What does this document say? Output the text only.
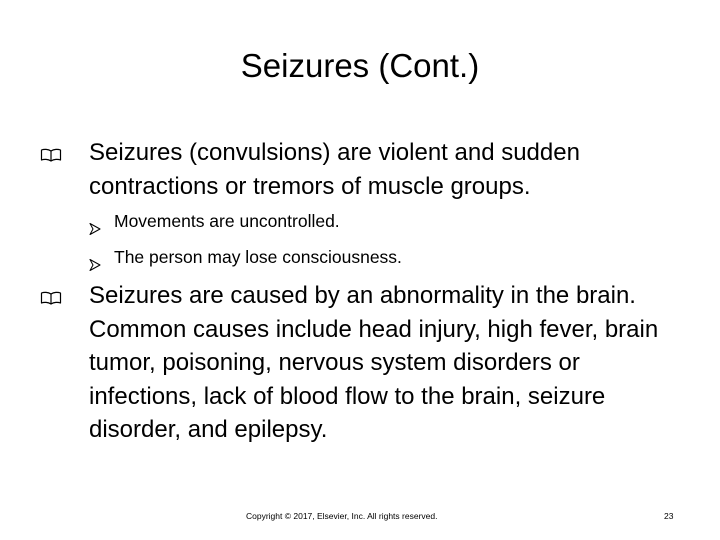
Seizures (Cont.)
Seizures (convulsions) are violent and sudden contractions or tremors of muscle groups.
Movements are uncontrolled.
The person may lose consciousness.
Seizures are caused by an abnormality in the brain. Common causes include head injury, high fever, brain tumor, poisoning, nervous system disorders or infections, lack of blood flow to the brain, seizure disorder, and epilepsy.
Copyright © 2017, Elsevier, Inc. All rights reserved.	23
